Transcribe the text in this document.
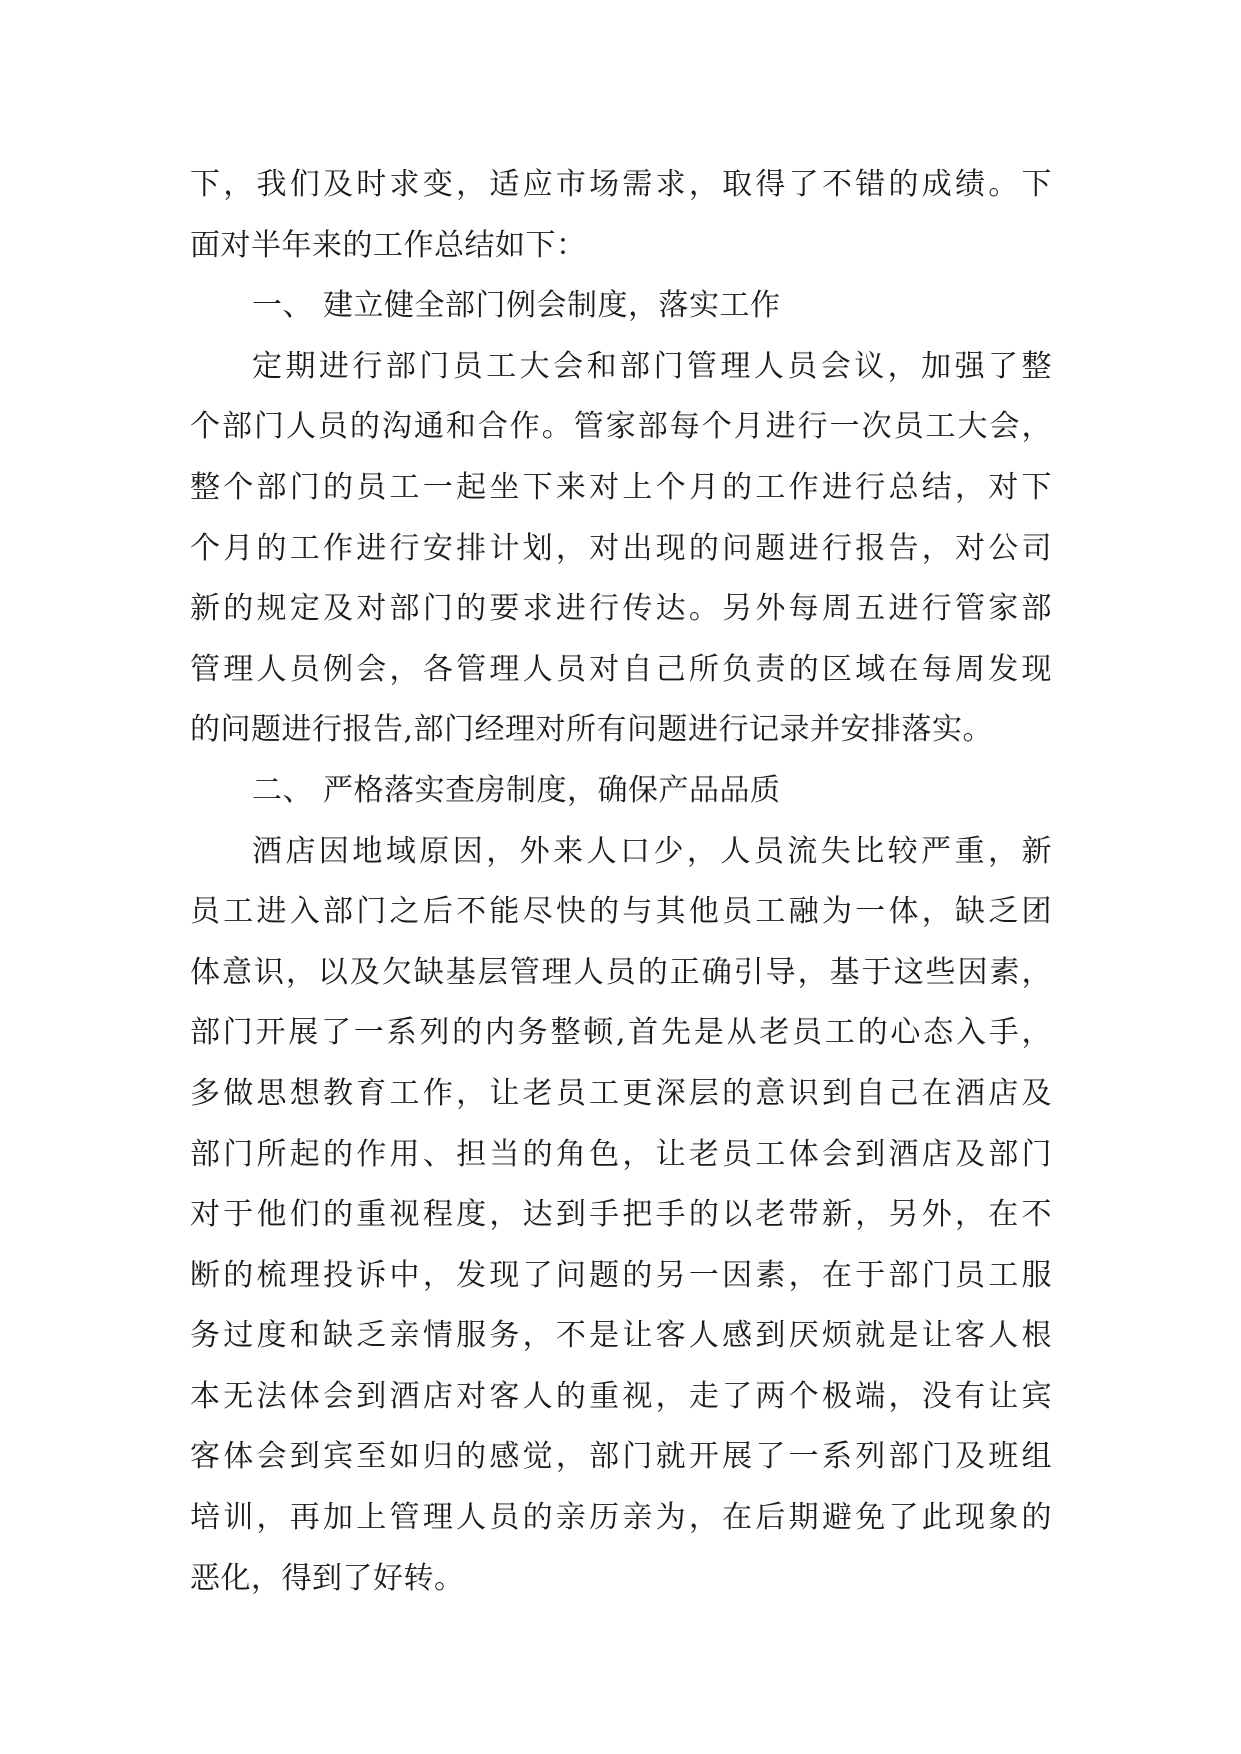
下，我们及时求变，适应市场需求，取得了不错的成绩。下
面对半年来的工作总结如下：
一、 建立健全部门例会制度，落实工作
定期进行部门员工大会和部门管理人员会议，加强了整
个部门人员的沟通和合作。管家部每个月进行一次员工大会，
整个部门的员工一起坐下来对上个月的工作进行总结，对下
个月的工作进行安排计划，对出现的问题进行报告，对公司
新的规定及对部门的要求进行传达。另外每周五进行管家部
管理人员例会，各管理人员对自己所负责的区域在每周发现
的问题进行报告,部门经理对所有问题进行记录并安排落实。
二、 严格落实查房制度，确保产品品质
酒店因地域原因，外来人口少，人员流失比较严重，新
员工进入部门之后不能尽快的与其他员工融为一体，缺乏团
体意识，以及欠缺基层管理人员的正确引导，基于这些因素，
部门开展了一系列的内务整顿,首先是从老员工的心态入手，
多做思想教育工作，让老员工更深层的意识到自己在酒店及
部门所起的作用、担当的角色，让老员工体会到酒店及部门
对于他们的重视程度，达到手把手的以老带新，另外，在不
断的梳理投诉中，发现了问题的另一因素，在于部门员工服
务过度和缺乏亲情服务，不是让客人感到厌烦就是让客人根
本无法体会到酒店对客人的重视，走了两个极端，没有让宾
客体会到宾至如归的感觉，部门就开展了一系列部门及班组
培训，再加上管理人员的亲历亲为，在后期避免了此现象的
恶化，得到了好转。
